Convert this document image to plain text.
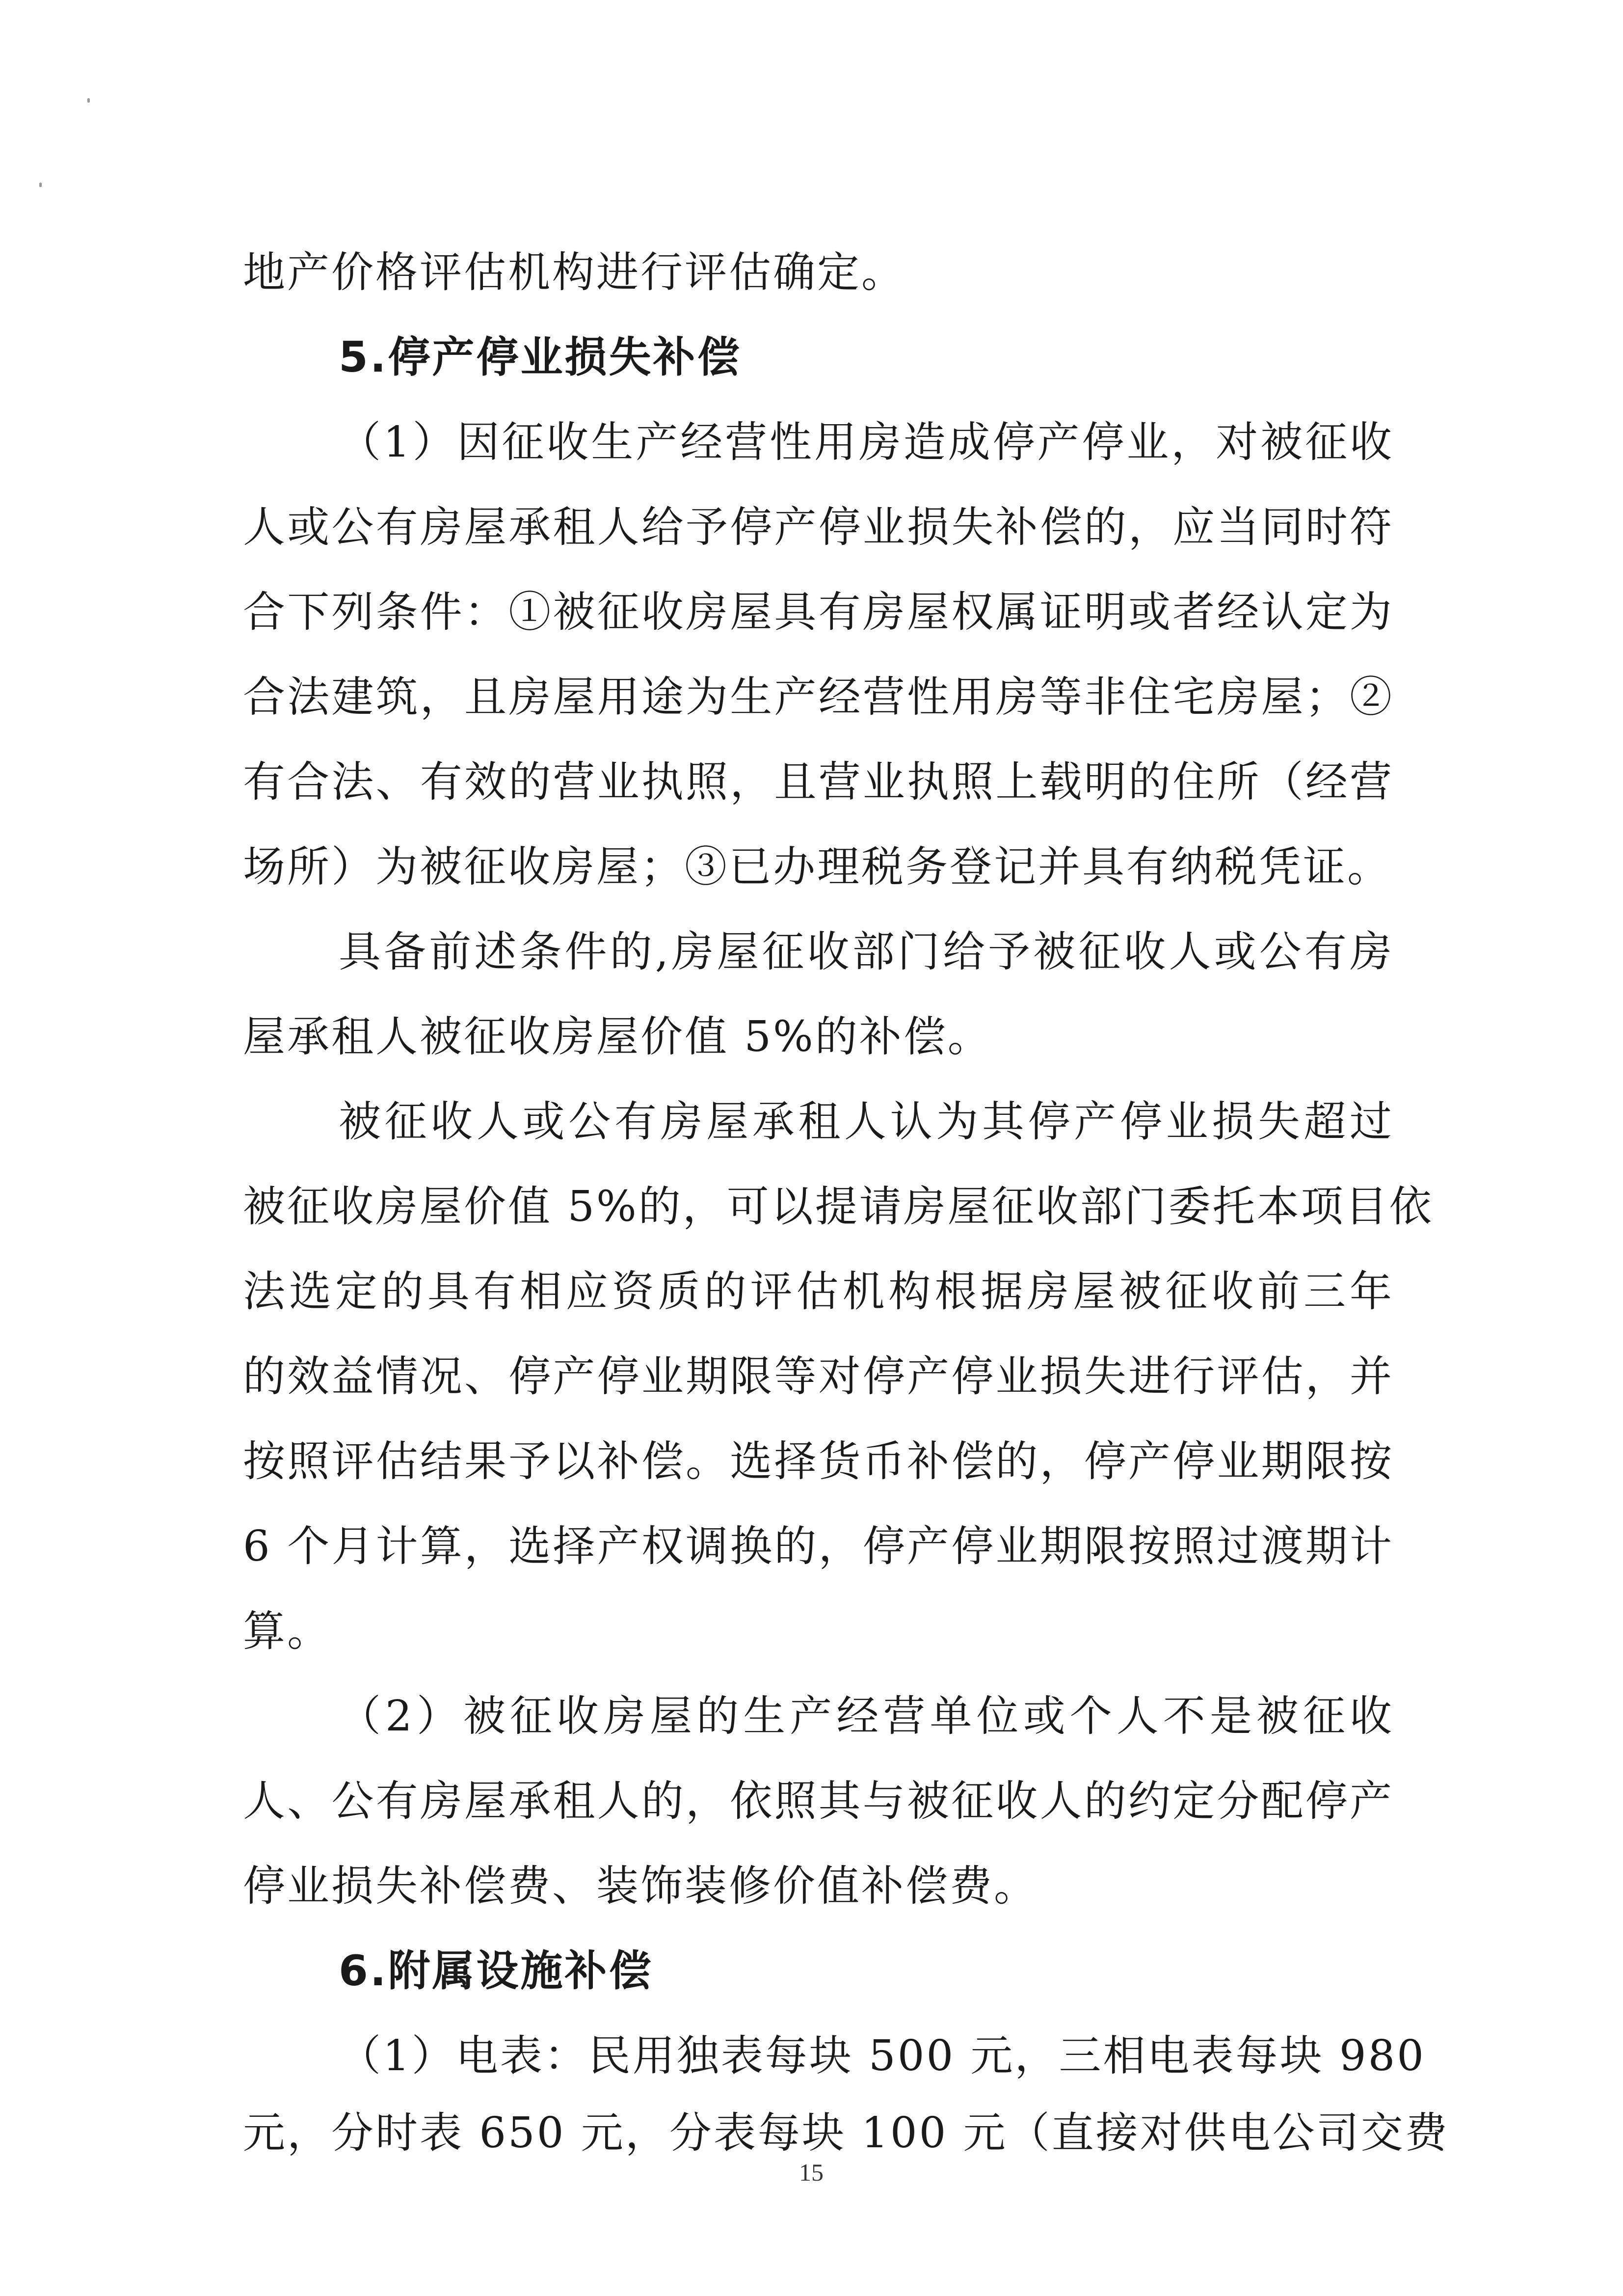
地产价格评估机构进行评估确定。
5.停产停业损失补偿
（1）因征收生产经营性用房造成停产停业，对被征收
人或公有房屋承租人给予停产停业损失补偿的，应当同时符
合下列条件：①被征收房屋具有房屋权属证明或者经认定为
合法建筑，且房屋用途为生产经营性用房等非住宅房屋；②
有合法、有效的营业执照，且营业执照上载明的住所（经营
场所）为被征收房屋；③已办理税务登记并具有纳税凭证。
具备前述条件的,房屋征收部门给予被征收人或公有房
屋承租人被征收房屋价值 5%的补偿。
被征收人或公有房屋承租人认为其停产停业损失超过
被征收房屋价值 5%的，可以提请房屋征收部门委托本项目依
法选定的具有相应资质的评估机构根据房屋被征收前三年
的效益情况、停产停业期限等对停产停业损失进行评估，并
按照评估结果予以补偿。选择货币补偿的，停产停业期限按
6 个月计算，选择产权调换的，停产停业期限按照过渡期计
算。
（2）被征收房屋的生产经营单位或个人不是被征收
人、公有房屋承租人的，依照其与被征收人的约定分配停产
停业损失补偿费、装饰装修价值补偿费。
6.附属设施补偿
（1）电表：民用独表每块 500 元，三相电表每块 980
元，分时表 650 元，分表每块 100 元（直接对供电公司交费
15
